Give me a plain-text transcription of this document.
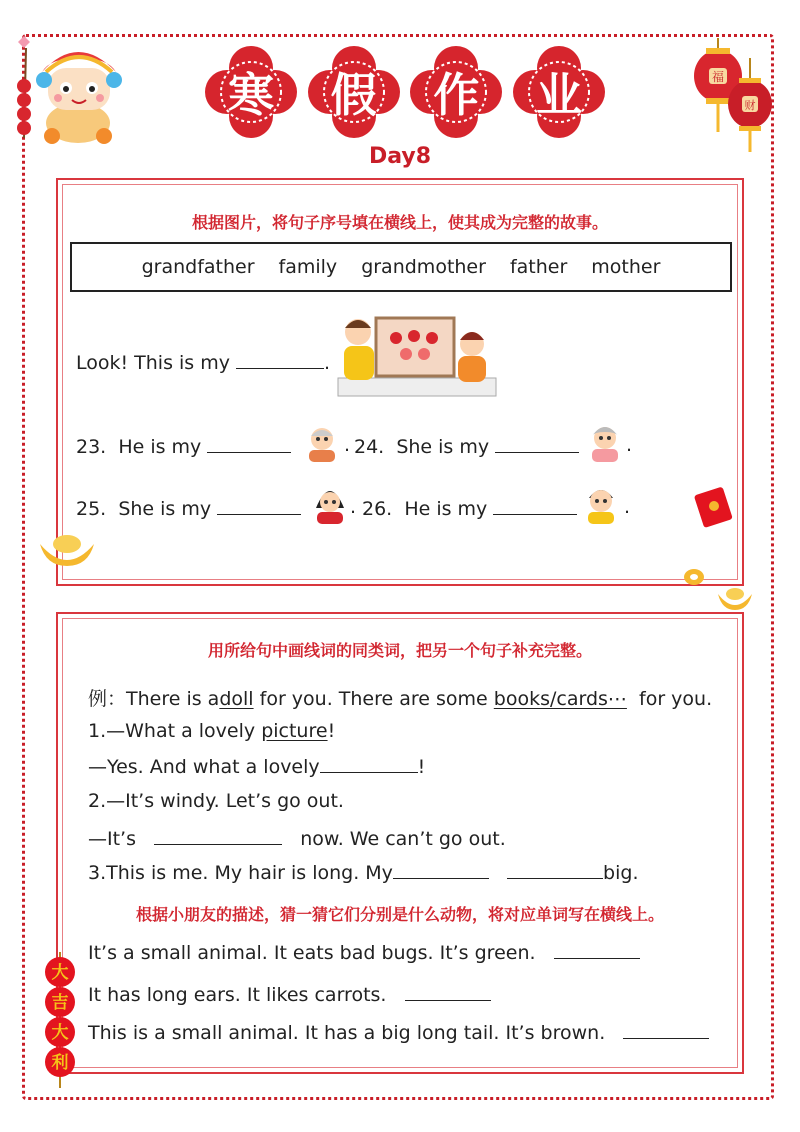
福
财
寒 假 作 业
Day8
根据图片，将句子序号填在横线上，使其成为完整的故事。
grandfather family grandmother father mother
Look! This is my	.
23. He is my	. 24. She is my	.
25. She is my	. 26. He is my	.
用所给句中画线词的同类词，把另一个句子补充完整。
例：There is adoll for you. There are some books/cards⋯ for you.
1.—What a lovely picture!
—Yes. And what a lovely	!
2.—It’s windy. Let’s go out.
—It’s	now. We can’t go out.
3.This is me. My hair is long. My	big.
根据小朋友的描述，猜一猜它们分别是什么动物，将对应单词写在横线上。
It’s a small animal. It eats bad bugs. It’s green.
It has long ears. It likes carrots.
This is a small animal. It has a big long tail. It’s brown.
大
吉
大
利
